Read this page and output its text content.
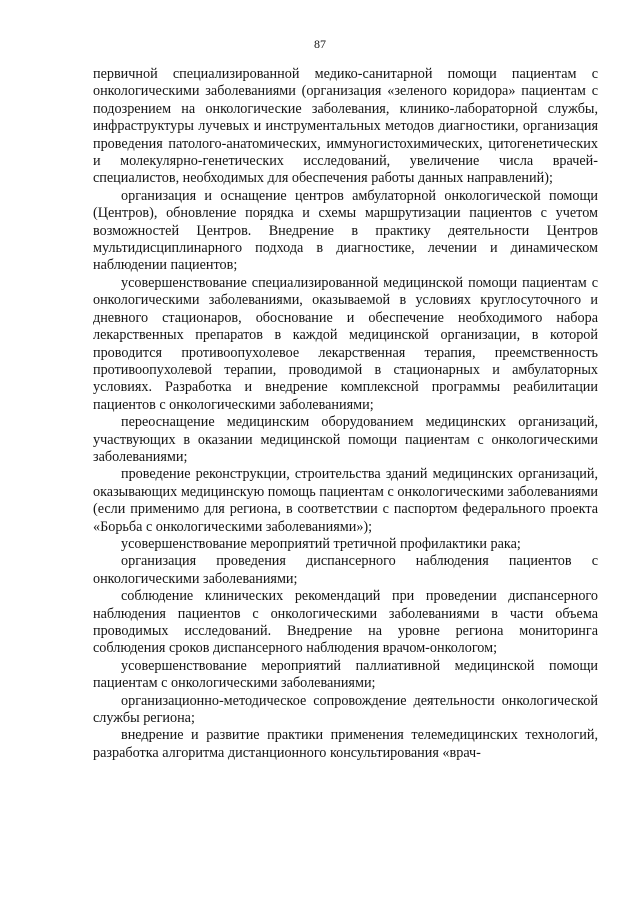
87

первичной специализированной медико-санитарной помощи пациентам с онкологическими заболеваниями (организация «зеленого коридора» пациентам с подозрением на онкологические заболевания, клинико-лабораторной службы, инфраструктуры лучевых и инструментальных методов диагностики, организация проведения патолого-анатомических, иммуногистохимических, цитогенетических и молекулярно-генетических исследований, увеличение числа врачей-специалистов, необходимых для обеспечения работы данных направлений);

организация и оснащение центров амбулаторной онкологической помощи (Центров), обновление порядка и схемы маршрутизации пациентов с учетом возможностей Центров. Внедрение в практику деятельности Центров мультидисциплинарного подхода в диагностике, лечении и динамическом наблюдении пациентов;

усовершенствование специализированной медицинской помощи пациентам с онкологическими заболеваниями, оказываемой в условиях круглосуточного и дневного стационаров, обоснование и обеспечение необходимого набора лекарственных препаратов в каждой медицинской организации, в которой проводится противоопухолевое лекарственная терапия, преемственность противоопухолевой терапии, проводимой в стационарных и амбулаторных условиях. Разработка и внедрение комплексной программы реабилитации пациентов с онкологическими заболеваниями;

переоснащение медицинским оборудованием медицинских организаций, участвующих в оказании медицинской помощи пациентам с онкологическими заболеваниями;

проведение реконструкции, строительства зданий медицинских организаций, оказывающих медицинскую помощь пациентам с онкологическими заболеваниями (если применимо для региона, в соответствии с паспортом федерального проекта «Борьба с онкологическими заболеваниями»);

усовершенствование мероприятий третичной профилактики рака;

организация проведения диспансерного наблюдения пациентов с онкологическими заболеваниями;

соблюдение клинических рекомендаций при проведении диспансерного наблюдения пациентов с онкологическими заболеваниями в части объема проводимых исследований. Внедрение на уровне региона мониторинга соблюдения сроков диспансерного наблюдения врачом-онкологом;

усовершенствование мероприятий паллиативной медицинской помощи пациентам с онкологическими заболеваниями;

организационно-методическое сопровождение деятельности онкологической службы региона;

внедрение и развитие практики применения телемедицинских технологий, разработка алгоритма дистанционного консультирования «врач-
